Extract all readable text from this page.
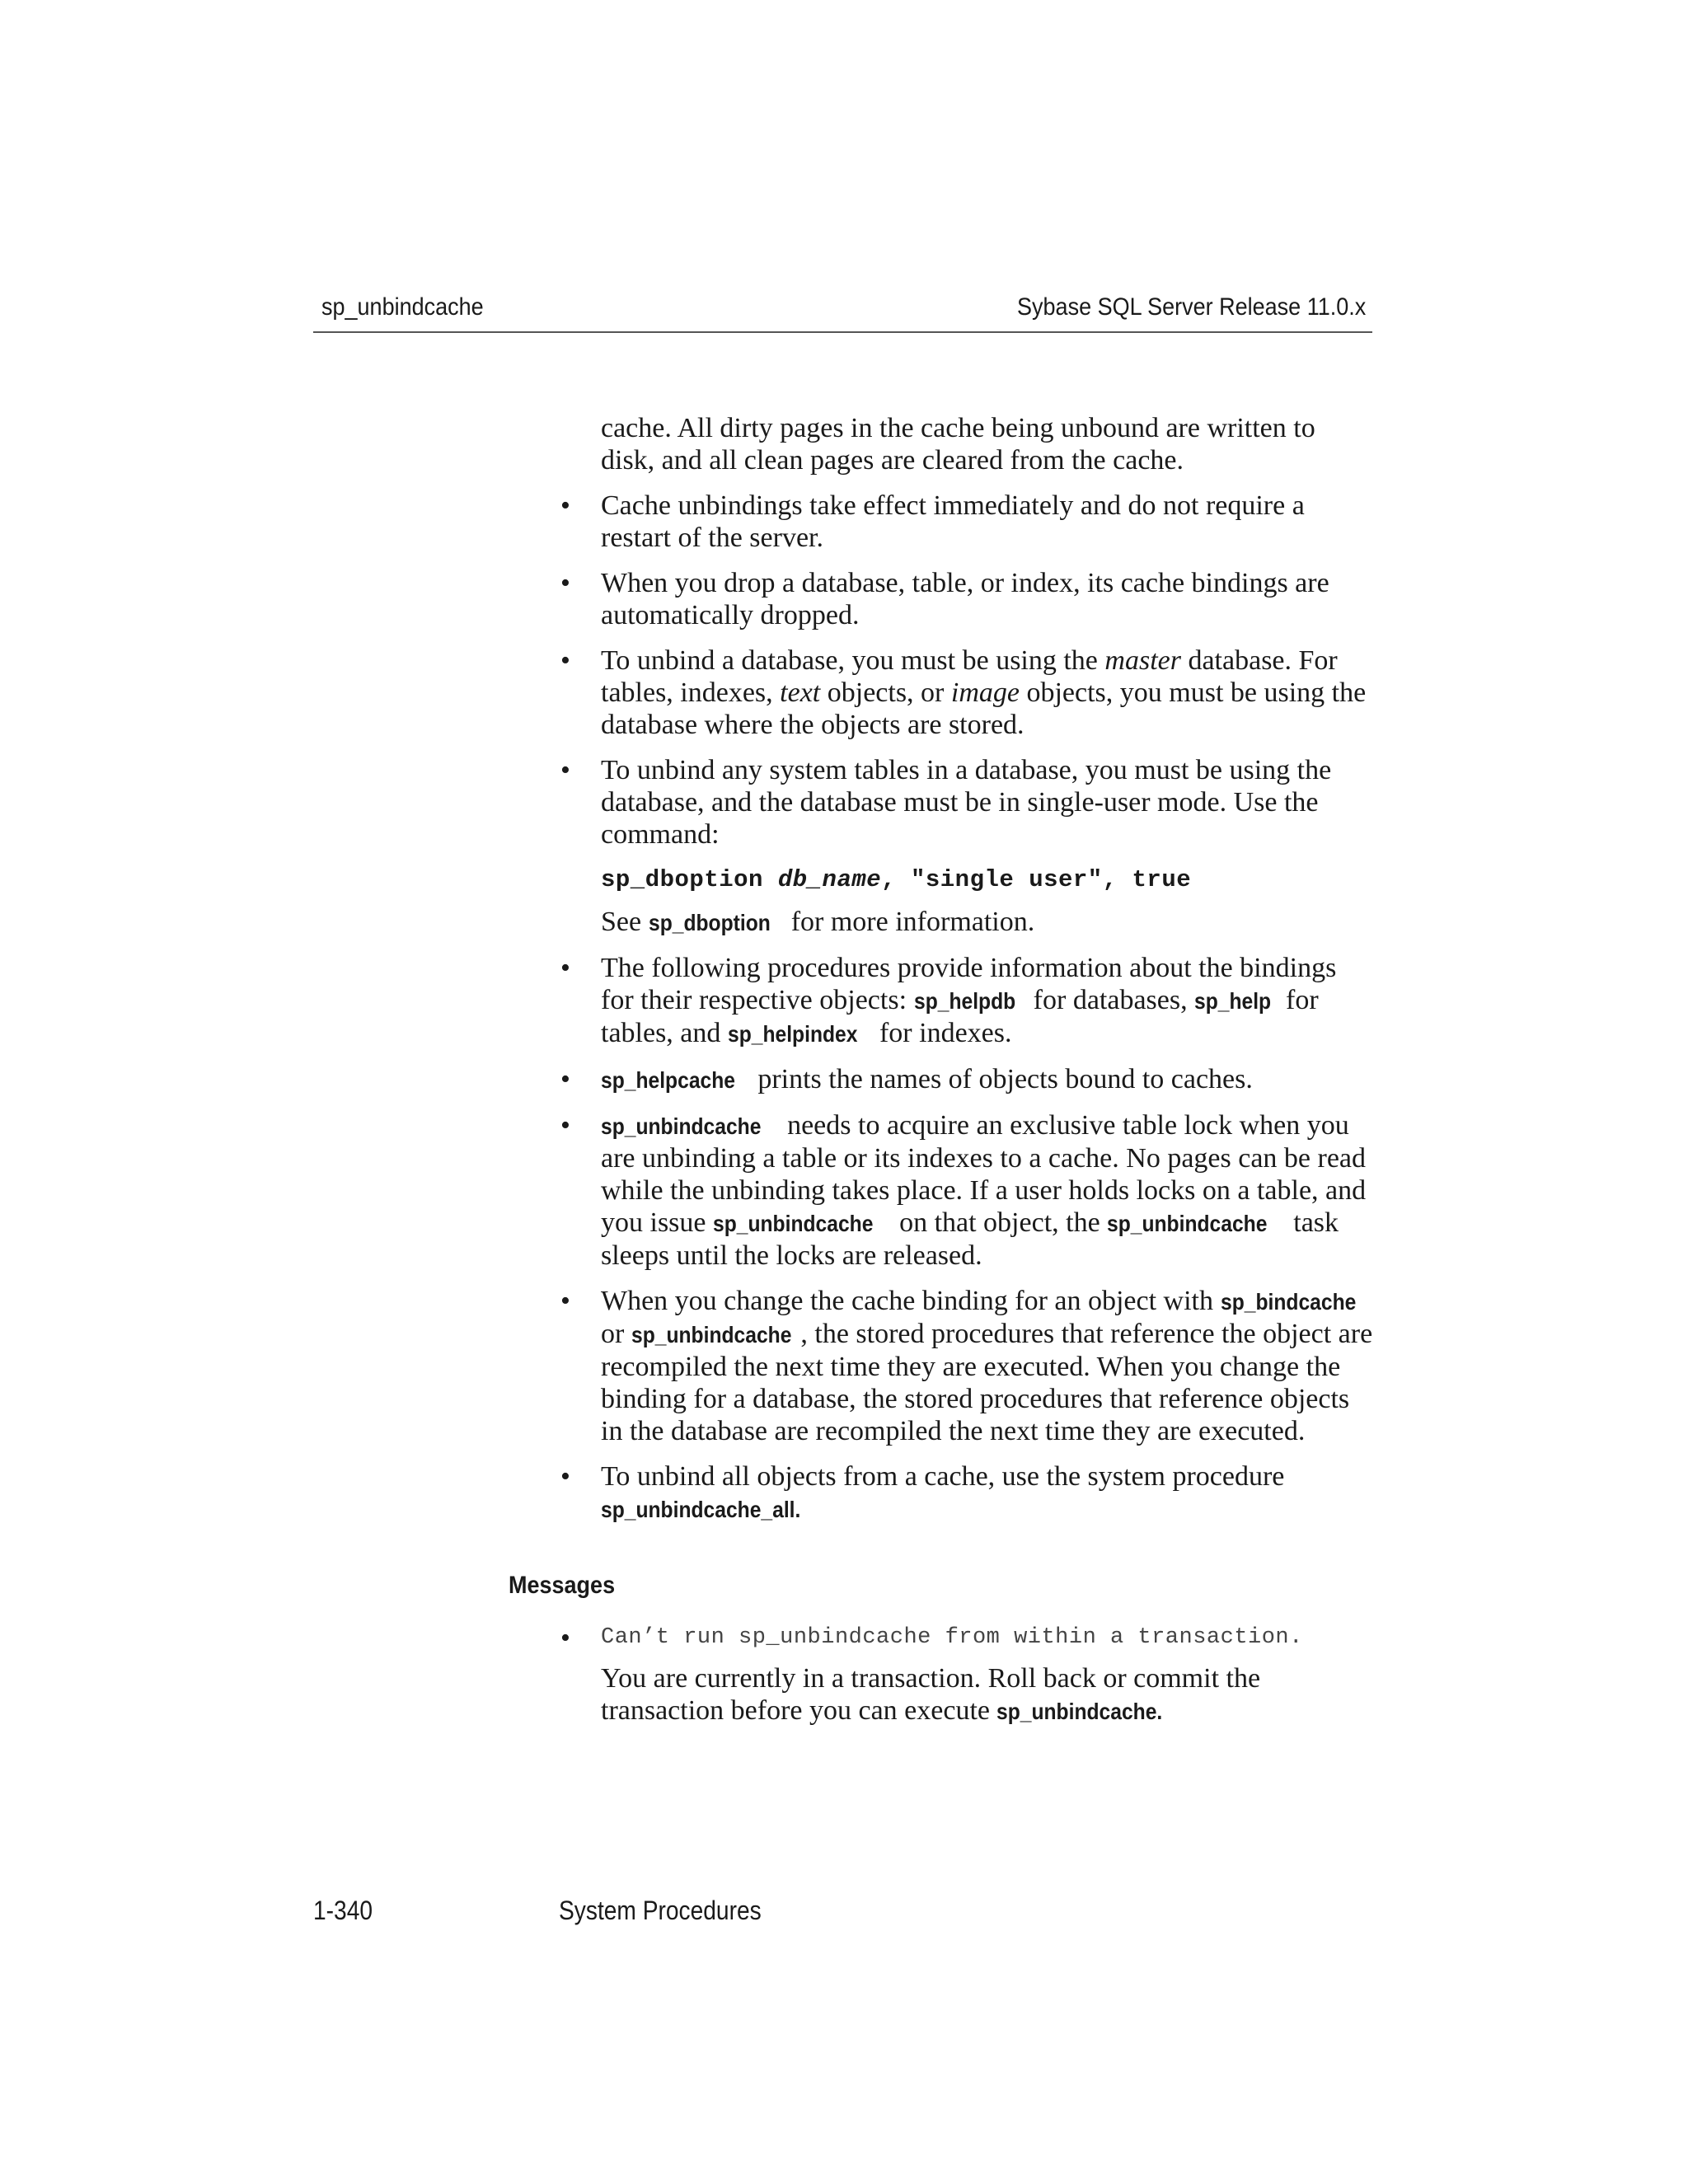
sp_unbindcache	Sybase SQL Server Release 11.0.x

cache. All dirty pages in the cache being unbound are written to disk, and all clean pages are cleared from the cache.

• Cache unbindings take effect immediately and do not require a restart of the server.
• When you drop a database, table, or index, its cache bindings are automatically dropped.
• To unbind a database, you must be using the master database. For tables, indexes, text objects, or image objects, you must be using the database where the objects are stored.
• To unbind any system tables in a database, you must be using the database, and the database must be in single-user mode. Use the command:

sp_dboption db_name, "single user", true

See sp_dboption for more information.

• The following procedures provide information about the bindings for their respective objects: sp_helpdb for databases, sp_help for tables, and sp_helpindex for indexes.
• sp_helpcache prints the names of objects bound to caches.
• sp_unbindcache needs to acquire an exclusive table lock when you are unbinding a table or its indexes to a cache. No pages can be read while the unbinding takes place. If a user holds locks on a table, and you issue sp_unbindcache on that object, the sp_unbindcache task sleeps until the locks are released.
• When you change the cache binding for an object with sp_bindcache or sp_unbindcache , the stored procedures that reference the object are recompiled the next time they are executed. When you change the binding for a database, the stored procedures that reference objects in the database are recompiled the next time they are executed.
• To unbind all objects from a cache, use the system procedure sp_unbindcache_all.
Messages
• Can’t run sp_unbindcache from within a transaction.

You are currently in a transaction. Roll back or commit the transaction before you can execute sp_unbindcache.

1-340	System Procedures
